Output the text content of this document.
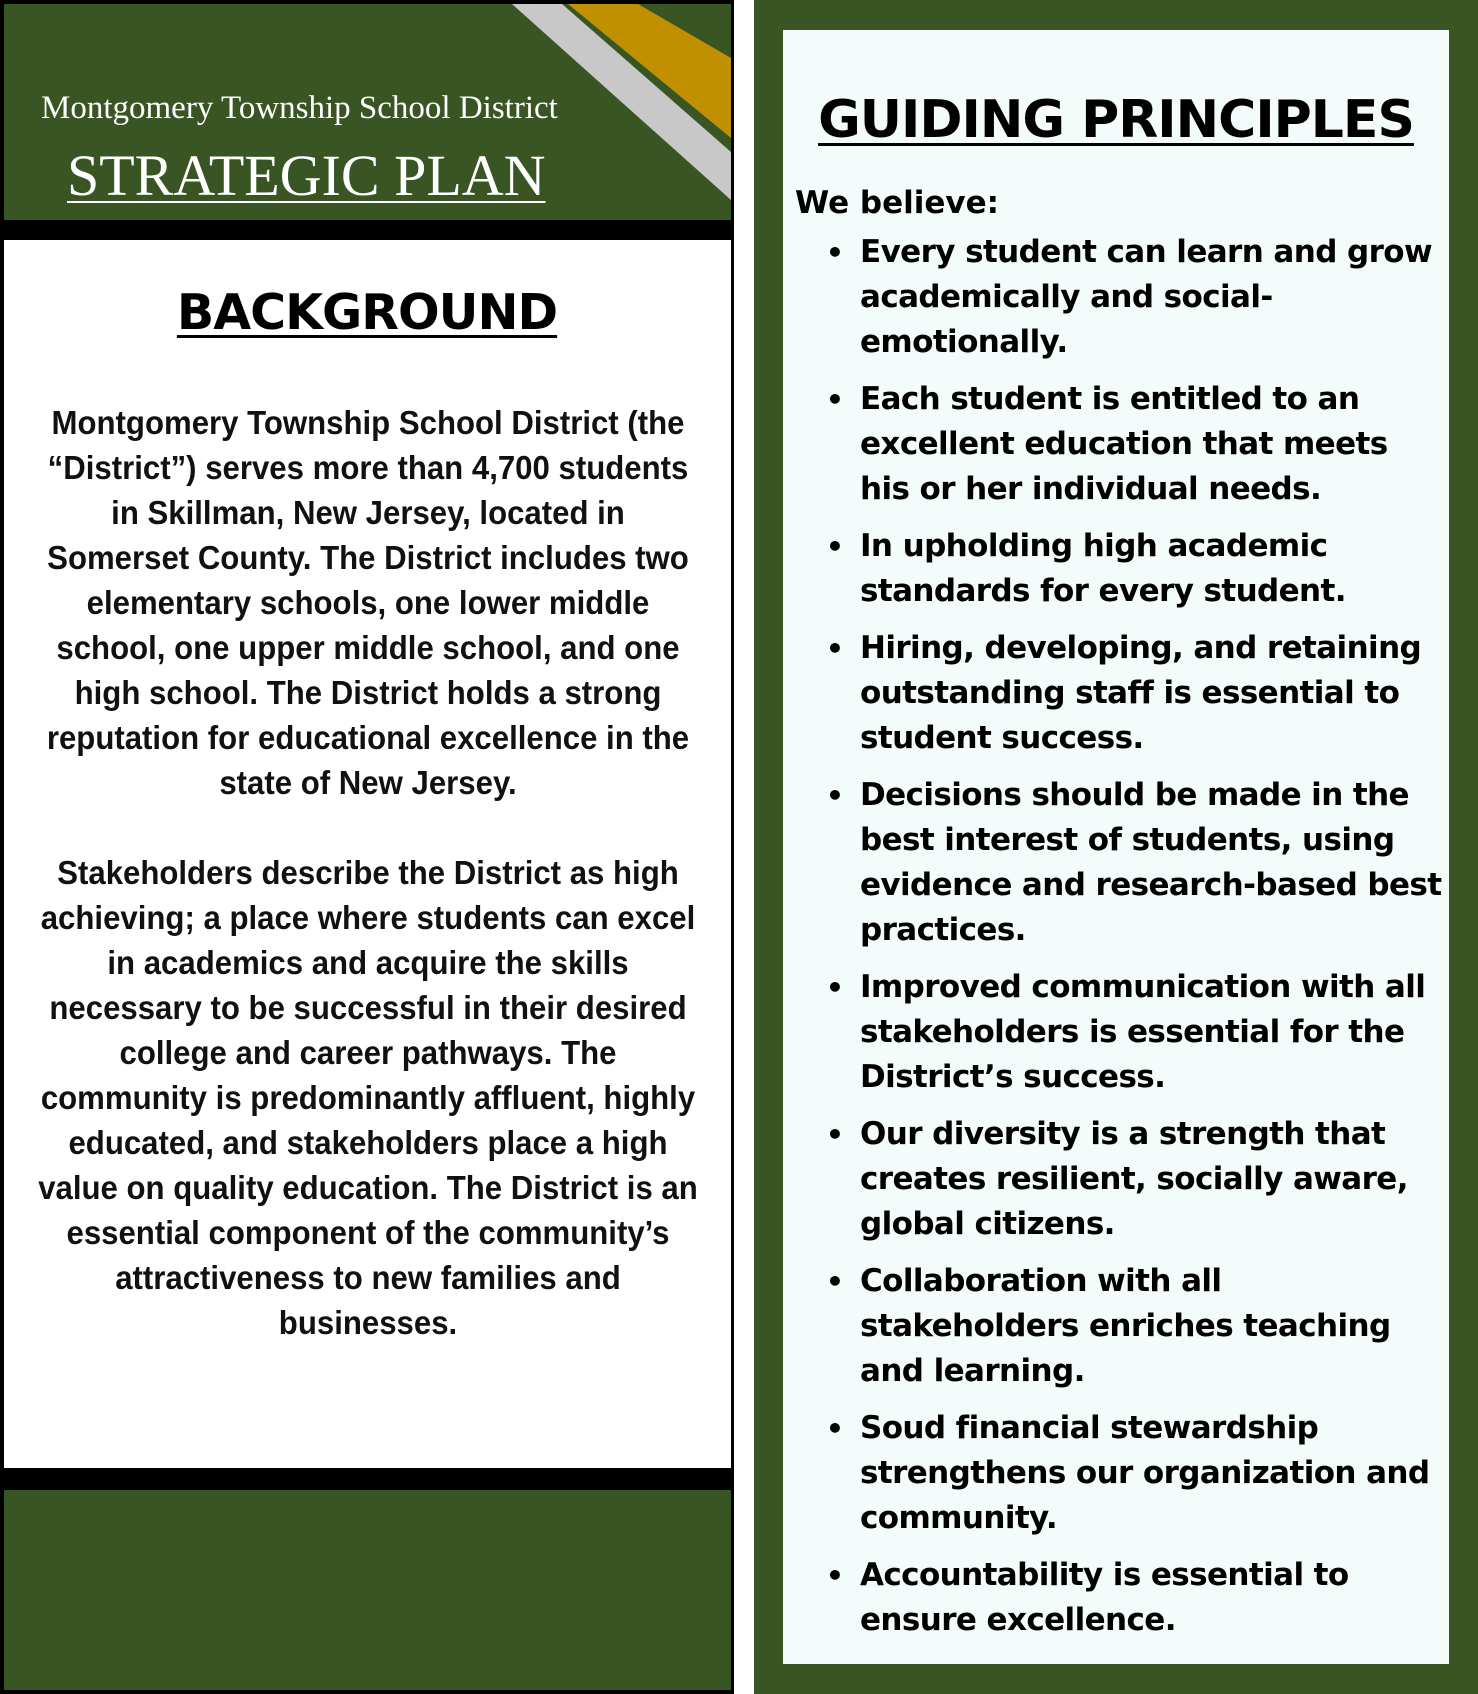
Montgomery Township School District
STRATEGIC PLAN
BACKGROUND
Montgomery Township School District (the “District”) serves more than 4,700 students in Skillman, New Jersey, located in Somerset County. The District includes two elementary schools, one lower middle school, one upper middle school, and one high school. The District holds a strong reputation for educational excellence in the state of New Jersey.
Stakeholders describe the District as high achieving; a place where students can excel in academics and acquire the skills necessary to be successful in their desired college and career pathways. The community is predominantly affluent, highly educated, and stakeholders place a high value on quality education. The District is an essential component of the community’s attractiveness to new families and businesses.
GUIDING PRINCIPLES
We believe:
• Every student can learn and grow academically and social-emotionally.
• Each student is entitled to an excellent education that meets his or her individual needs.
• In upholding high academic standards for every student.
• Hiring, developing, and retaining outstanding staff is essential to student success.
• Decisions should be made in the best interest of students, using evidence and research-based best practices.
• Improved communication with all stakeholders is essential for the District’s success.
• Our diversity is a strength that creates resilient, socially aware, global citizens.
• Collaboration with all stakeholders enriches teaching and learning.
• Soud financial stewardship strengthens our organization and community.
• Accountability is essential to ensure excellence.
